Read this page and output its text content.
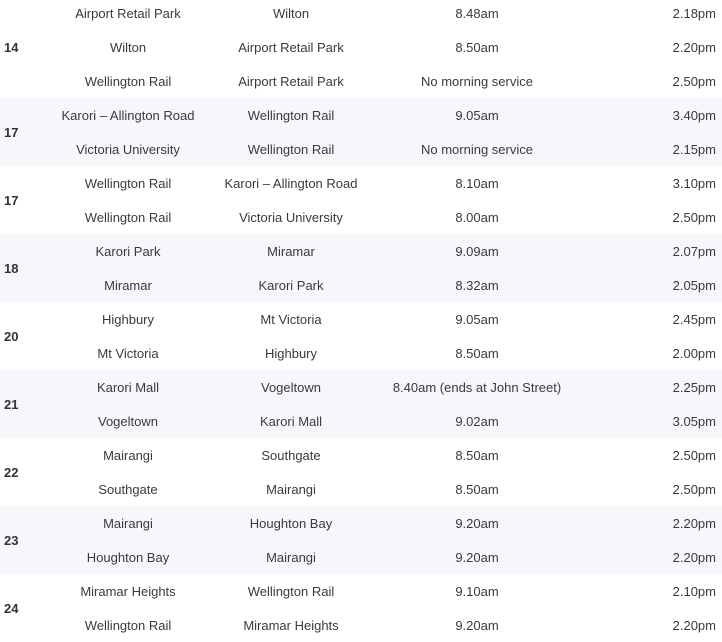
14
Airport Retail Park	Wilton	8.48am	2.18pm
Wilton	Airport Retail Park	8.50am	2.20pm
Wellington Rail	Airport Retail Park	No morning service	2.50pm
17
Karori – Allington Road	Wellington Rail	9.05am	3.40pm
Victoria University	Wellington Rail	No morning service	2.15pm
17
Wellington Rail	Karori – Allington Road	8.10am	3.10pm
Wellington Rail	Victoria University	8.00am	2.50pm
18
Karori Park	Miramar	9.09am	2.07pm
Miramar	Karori Park	8.32am	2.05pm
20
Highbury	Mt Victoria	9.05am	2.45pm
Mt Victoria	Highbury	8.50am	2.00pm
21
Karori Mall	Vogeltown	8.40am (ends at John Street)	2.25pm
Vogeltown	Karori Mall	9.02am	3.05pm
22
Mairangi	Southgate	8.50am	2.50pm
Southgate	Mairangi	8.50am	2.50pm
23
Mairangi	Houghton Bay	9.20am	2.20pm
Houghton Bay	Mairangi	9.20am	2.20pm
24
Miramar Heights	Wellington Rail	9.10am	2.10pm
Wellington Rail	Miramar Heights	9.20am	2.20pm
